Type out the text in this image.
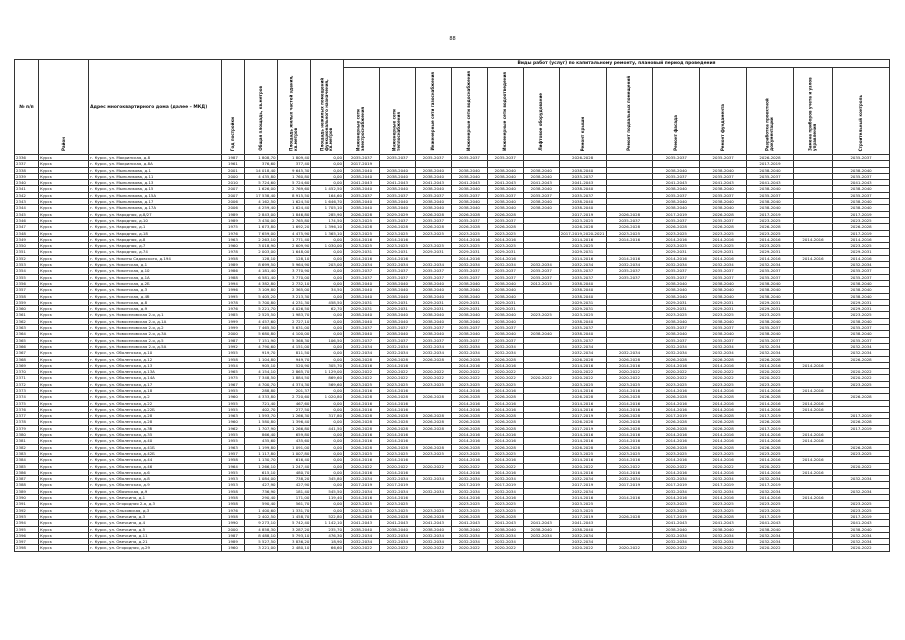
88
№ п/п	Район	Адрес многоквартирного дома (далее – МКД)	Год постройки	Общая площадь, кв.метров	Площадь жилых частей здания, кв.метров	Площадь нежилых помещений функционального назначения, кв.метров	Виды работ (услуг) по капитальному ремонту, плановый период проведения												

							Инженерные сети электроснабжения	Инженерные сети теплоснабжения	Инженерные сети газоснабжения	Инженерные сети водоснабжения	Инженерные сети водоотведения	Лифтовое оборудование	Ремонт крыши	Ремонт подвальных помещений	Ремонт фасада	Ремонт фундамента	Разработка проектной документации	Замена приборов учета и узлов управления	Строительный контроль

2336	Курск	г. Курск, ул. Мокринская, д.8	1987	1 808,70	1 809,40	0,00	2035-2037	2035-2037	2035-2037	2035-2037	2035-2037		2026-2028		2035-2037	2035-2037	2026-2028		2035-2037
2337	Курск	г. Курск, ул. Мокринская, д.8А	1961	376,60	377,40	0,00	2017-2019										2017-2019		
2338	Курск	г. Курск, ул. Мыльникова, д.1	2001	14 018,40	9 645,30	0,00	2038-2040	2038-2040	2038-2040	2038-2040	2038-2040	2038-2040	2038-2040		2038-2040	2038-2040	2038-2040		2038-2040
2339	Курск	г. Курск, ул. Мыльникова, д.11	2000	4 435,80	1 760,80	0,00	2038-2040	2038-2040	2038-2040	2038-2040	2038-2040	2038-2040	2035-2037		2035-2037	2035-2037	2035-2037		2035-2037
2340	Курск	г. Курск, ул. Мыльникова, д.13	2010	5 724,60	5 724,60	0,00	2041-2043	2041-2043	2041-2043	2041-2043	2041-2043	2041-2043	2041-2043		2041-2043	2041-2043	2041-2043		2041-2043
2341	Курск	г. Курск, ул. Мыльникова, д.15	2007	1 626,00	2 769,60	1 452,50	2038-2040	2038-2040	2038-2040	2038-2040	2038-2040	2038-2040	2038-2040		2038-2040	2038-2040	2038-2040		2038-2040
2342	Курск	г. Курск, ул. Мыльникова, д.15А	2007	17 538,40	8 915,50	164,60	2035-2037	2035-2037	2035-2037	2035-2037	2035-2037	2035-2037	2035-2037		2035-2037	2035-2037	2035-2037		2035-2037
2343	Курск	г. Курск, ул. Мыльникова, д.17	2006	4 162,50	1 624,50	1 646,70	2038-2040	2038-2040	2038-2040	2038-2040	2038-2040	2038-2040	2038-2040		2038-2040	2038-2040	2038-2040		2038-2040
2344	Курск	г. Курск, ул. Мыльникова, д.17А	2006	4 259,40	1 624,40	1 705,10	2038-2040	2038-2040	2038-2040	2038-2040	2038-2040	2038-2040	2038-2040		2038-2040	2038-2040	2038-2040		2038-2040
2345	Курск	г. Курск, ул. Народная, д.8/27	1989	2 843,00	1 846,80	285,90	2026-2028	2029-2029	2026-2028	2026-2028	2026-2028		2017-2019	2026-2028	2017-2019	2026-2028	2017-2019		2017-2019
2346	Курск	г. Курск, ул. Народная, д.10	1989	3 430,00	2 765,80	174,50	2023-2025	2035-2037	2035-2037	2035-2037	2035-2037		2023-2025	2035-2037	2035-2037	2035-2037	2023-2025		2023-2025
2347	Курск	г. Курск, ул. Народная, д.1	1975	1 673,80	1 692,20	1 396,10	2026-2028	2026-2028	2026-2028	2026-2028	2026-2028		2026-2028	2026-2028	2026-2028	2026-2028	2026-2028		2026-2028
2348	Курск	г. Курск, ул. Народная, д.18	1976	7 659,00	4 475,90	1 365,10	2023-2025	2023-2025	2023-2025	2023-2025	2023-2025		2017-2019,2020-2021	2023-2025	2023-2025	2023-2025	2023-2025		2017-2019
2349	Курск	г. Курск, ул. Народная, д.8	1963	2 263,10	1 771,40	0,00	2014-2016	2014-2016		2014-2016	2014-2016		2014-2016	2014-2016	2014-2016	2014-2016	2014-2016	2014-2016	2014-2016
2350	Курск	г. Курск, ул. Народная, д.7	1960	3 018,90	2 609,90	1 030,00	2023-2025	2023-2025	2023-2025	2023-2025	2023-2025		2023-2025		2023-2025	2023-2025	2023-2025		2023-2025
2351	Курск	г. Курск, ул. Народная, д.74	1978	2 003,00	1 648,00	0,00	2029-2031	2029-2031	2029-2031	2029-2031	2029-2031		2029-2031		2029-2031	2029-2031	2029-2031		2029-2031
2352	Курск	г. Курск, ул. Никиты Садовского, д.194	1958	128,10	128,10	0,00	2014-2016	2014-2016		2014-2016	2014-2016		2014-2016	2014-2016	2014-2016	2014-2016	2014-2016	2014-2016	2014-2016
2353	Курск	г. Курск, ул. Никитская, д.1	1989	8 699,50	5 964,90	203,00	2032-2034	2032-2034	2032-2034	2032-2034	2032-2034	2032-2034	2032-2034	2032-2034	2032-2034	2032-2034	2032-2034		2032-2034
2354	Курск	г. Курск, ул. Никитская, д.10	1986	4 181,40	3 770,90	0,00	2035-2037	2035-2037	2035-2037	2035-2037	2035-2037	2035-2037	2035-2037	2035-2037	2035-2037	2035-2037	2035-2037		2035-2037
2355	Курск	г. Курск, ул. Никитская, д.1А	1988	6 581,40	3 770,00	0,00	2035-2037	2035-2037	2035-2037	2035-2037	2035-2037	2035-2037	2035-2037	2035-2037	2035-2037	2035-2037	2035-2037		2035-2037
2356	Курск	г. Курск, ул. Никитская, д.2Б	1994	4 382,80	2 732,10	0,00	2038-2040	2038-2040	2038-2040	2038-2040	2038-2040	2012-2015	2038-2040		2038-2040	2038-2040	2038-2040		2038-2040
2357	Курск	г. Курск, ул. Никитская, д.3	1996	3 109,80	2 365,00	34,50	2038-2040	2038-2040	2038-2040	2038-2040	2038-2040		2038-2040		2038-2040	2038-2040	2038-2040		2038-2040
2358	Курск	г. Курск, ул. Никитская, д.4б	1995	5 405,20	3 213,30	0,00	2038-2040	2038-2040	2038-2040	2038-2040	2038-2040		2038-2040		2038-2040	2038-2040	2038-2040		2038-2040
2359	Курск	г. Курск, ул. Никитская, д.8	1978	5 700,80	4 231,30	458,50	2029-2031	2029-2031	2029-2031	2029-2031	2029-2031		2029-2031		2029-2031	2029-2031	2029-2031		2029-2031
2360	Курск	г. Курск, ул. Никитская, д.9	1976	5 221,70	4 026,50	62,70	2029-2031	2029-2031	2029-2031	2029-2031	2029-2031		2029-2031		2029-2031	2029-2031	2029-2031		2029-2031
2361	Курск	г. Курск, ул. Новоселовская 2-я, д.1	1985	2 525,50	1 983,70	0,00	2038-2040	2038-2040	2038-2040	2038-2040	2038-2040	2023-2025	2023-2025		2023-2025	2023-2025	2023-2025		2023-2025
2362	Курск	г. Курск, ул. Новоселовская 2-я, д.1А	1999	4 457,60	2 727,10	0,00	2038-2040	2038-2040	2038-2040	2038-2040	2038-2040		2038-2040		2038-2040	2038-2040	2038-2040		2038-2040
2363	Курск	г. Курск, ул. Новоселовская 2-я, д.2	1999	7 465,50	5 631,00	0,00	2035-2037	2035-2037	2035-2037	2035-2037	2035-2037		2035-2037		2035-2037	2035-2037	2035-2037		2035-2037
2364	Курск	г. Курск, ул. Новоселовская 2-я, д.3А	2000	5 680,80	4 100,00	0,00	2038-2040	2038-2040	2038-2040	2038-2040	2038-2040	2038-2040	2038-2040		2038-2040	2038-2040	2038-2040		2038-2040
2365	Курск	г. Курск, ул. Новоселовская 2-я, д.5	1987	7 151,90	5 368,30	106,50	2035-2037	2035-2037	2035-2037	2035-2037	2035-2037		2035-2037		2035-2037	2035-2037	2035-2037		2035-2037
2366	Курск	г. Курск, ул. Новоселовская 2-я, д.5А	1992	4 790,60	4 151,00	0,00	2032-2034	2032-2034	2032-2034	2032-2034	2032-2034		2032-2034		2032-2034	2032-2034	2032-2034		2032-2034
2367	Курск	г. Курск, ул. Оболенская, д.10	1955	919,70	811,50	0,00	2032-2034	2032-2034	2032-2034	2032-2034	2032-2034		2032-2034	2032-2034	2032-2034	2032-2034	2032-2034		2032-2034
2368	Курск	г. Курск, ул. Оболенская, д.12	1958	1 104,80	949,70	0,00	2026-2028	2026-2028	2026-2028	2026-2028	2026-2028		2026-2028	2026-2028	2026-2028	2026-2028	2026-2028		2026-2028
2369	Курск	г. Курск, ул. Оболенская, д.13	1954	905,10	520,90	305,70	2014-2016	2014-2016		2014-2016	2014-2016		2014-2016	2014-2016	2014-2016	2014-2016	2014-2016	2014-2016	
2370	Курск	г. Курск, ул. Оболенская, д.13А	1965	4 154,10	2 865,70	1 129,00	2020-2022	2020-2022	2020-2022	2020-2022	2020-2022		2020-2022	2020-2022	2020-2022	2020-2022	2020-2022		2020-2022
2371	Курск	г. Курск, ул. Оболенская, д.14А	1975	7 348,50	1 884,50	869,60	2020-2022	2020-2022	2020-2022	2020-2022	2020-2022	2020-2022	2020-2022	2020-2022	2020-2022	2020-2022	2020-2022		2020-2022
2372	Курск	г. Курск, ул. Оболенская, д.17	1967	4 700,70	4 374,30	569,60	2023-2025	2023-2025	2023-2025	2023-2025	2023-2025		2023-2025	2023-2025	2023-2025	2023-2025	2023-2025		2023-2025
2373	Курск	г. Курск, ул. Оболенская, д.18	1955	288,80	201,37	0,00	2014-2016	2014-2016		2014-2016	2014-2016		2014-2016	2014-2016	2014-2016	2014-2016	2014-2016	2014-2016	
2374	Курск	г. Курск, ул. Оболенская, д.2	1960	4 333,80	2 720,60	1 020,80	2026-2028	2026-2028	2026-2028	2026-2028	2026-2028		2026-2028	2026-2028	2026-2028	2026-2028	2026-2028		2026-2028
2375	Курск	г. Курск, ул. Оболенская, д.22	1955	721,40	467,60	0,00	2014-2016	2014-2016		2014-2016	2014-2016		2014-2016	2014-2016	2014-2016	2014-2016	2014-2016	2014-2016	
2376	Курск	г. Курск, ул. Оболенская, д.22Б	1955	402,70	277,50	0,00	2014-2016	2014-2016		2014-2016	2014-2016		2014-2016	2014-2016	2014-2016	2014-2016	2014-2016	2014-2016	
2377	Курск	г. Курск, ул. Оболенская, д.28	1963	1 593,70	1 266,30	317,80	2026-2028	2026-2028	2026-2028	2026-2028	2026-2028		2017-2019	2026-2028	2017-2019	2026-2028	2017-2019		2017-2019
2378	Курск	г. Курск, ул. Оболенская, д.28	1960	1 580,80	1 396,40	0,00	2026-2028	2026-2028	2026-2028	2026-2028	2026-2028		2026-2028	2026-2028	2026-2028	2026-2028	2026-2028		2026-2028
2379	Курск	г. Курск, ул. Оболенская, д.3б	1962	1 707,90	1 266,80	441,50	2026-2028	2026-2028	2026-2028	2026-2028	2026-2028		2017-2019	2026-2028	2026-2028	2026-2028	2017-2019		2017-2019
2380	Курск	г. Курск, ул. Оболенская, д.35	1955	866,40	659,80	0,00	2014-2016	2014-2016		2014-2016	2014-2016		2014-2016	2014-2016	2014-2016	2014-2016	2014-2016	2014-2016	
2381	Курск	г. Курск, ул. Оболенская, д.40	1955	435,60	435,60	0,00	2014-2016	2014-2016		2014-2016	2014-2016		2014-2016	2014-2016	2014-2016	2014-2016	2014-2016	2014-2016	
2382	Курск	г. Курск, ул. Оболенская, д.41Б	1963	1 199,80	1 091,00	0,00	2026-2028	2026-2028	2026-2028	2026-2028	2026-2028		2026-2028	2026-2028	2026-2028	2026-2028	2026-2028		2026-2028
2383	Курск	г. Курск, ул. Оболенская, д.42Б	1957	1 117,80	1 007,80	0,00	2023-2025	2023-2025	2023-2025	2023-2025	2023-2025		2023-2025	2023-2025	2023-2025	2023-2025	2023-2025		2023-2025
2384	Курск	г. Курск, ул. Оболенская, д.44	1958	1 130,70	616,40	0,00	2014-2016	2014-2016		2014-2016	2014-2016		2014-2016	2014-2016	2014-2016	2014-2016	2014-2016	2014-2016	
2385	Курск	г. Курск, ул. Оболенская, д.46	1964	1 266,10	1 247,40	0,00	2020-2022	2020-2022	2020-2022	2020-2022	2020-2022		2020-2022	2020-2022	2020-2022	2020-2022	2020-2022		2020-2022
2386	Курск	г. Курск, ул. Оболенская, д.6	1955	615,10	480,70	0,00	2014-2016	2014-2016		2014-2016	2014-2016		2014-2016	2014-2016	2014-2016	2014-2016	2014-2016	2014-2016	
2387	Курск	г. Курск, ул. Оболенская, д.8	1953	1 084,00	738,20	345,80	2032-2034	2032-2034	2032-2034	2032-2034	2032-2034		2032-2034	2032-2034	2032-2034	2032-2034	2032-2034		2032-2034
2388	Курск	г. Курск, ул. Оболенская, д.9	1953	427,90	427,90	0,00	2017-2019	2017-2019		2017-2019	2017-2019		2017-2019	2017-2019	2017-2019	2017-2019	2017-2019		
2389	Курск	г. Курск, ул. Обоянская, д.9	1958	736,90	181,40	545,50	2032-2034	2032-2034	2032-2034	2032-2034	2032-2034		2032-2034		2032-2034	2032-2034	2032-2034		2032-2034
2390	Курск	г. Курск, ул. Овечкина, д.1	1958	290,40	171,00	119,40	2014-2016	2014-2016		2014-2016	2014-2016		2014-2016	2014-2016	2014-2016	2014-2016	2014-2016	2014-2016	
2391	Курск	г. Курск, ул. Огородная 2-я, д.3	1958	590,40	561,70	0,00	2023-2025	2023-2025		2023-2025	2023-2025		2023-2025		2023-2025	2023-2025	2023-2025		2023-2025
2392	Курск	г. Курск, ул. Ольховская, д.3	1976	1 400,60	1 331,70	0,00	2023-2025	2023-2025	2023-2025	2023-2025	2023-2025		2023-2025		2023-2025	2023-2025	2023-2025		2023-2025
2393	Курск	г. Курск, ул. Овечкина, д.3	1958	2 402,50	1 458,70	522,80	2026-2028	2026-2028	2026-2028	2026-2028	2026-2028		2017-2019	2026-2028	2017-2019	2026-2028	2017-2019		2017-2019
2394	Курск	г. Курск, ул. Овечкина, д.4	1990	9 273,10	5 742,40	1 142,10	2041-2043	2041-2043	2041-2043	2041-2043	2041-2043	2041-2043	2041-2043		2041-2043	2041-2043	2041-2043		2041-2043
2395	Курск	г. Курск, ул. Овечкина, д.5	2000	4 858,30	3 287,20	235,70	2038-2040	2038-2040	2038-2040	2038-2040	2038-2040	2038-2040	2038-2040		2038-2040	2038-2040	2038-2040		2038-2040
2396	Курск	г. Курск, ул. Овечкина, д.11	1987	8 488,10	5 793,10	476,30	2032-2034	2032-2034	2032-2034	2032-2034	2032-2034	2032-2034	2032-2034		2032-2034	2032-2034	2032-2034		2032-2034
2397	Курск	г. Курск, ул. Овечкина, д.21	1989	5 527,50	3 836,20	18,90	2032-2034	2032-2034	2032-2034	2032-2034	2032-2034		2032-2034		2032-2034	2032-2034	2032-2034		2032-2034
2398	Курск	г. Курск, ул. Огородная, д.29	1960	3 221,00	2 480,10	66,60	2020-2022	2020-2022	2020-2022	2020-2022	2020-2022		2020-2022	2020-2022	2020-2022	2020-2022	2020-2022		2020-2022
